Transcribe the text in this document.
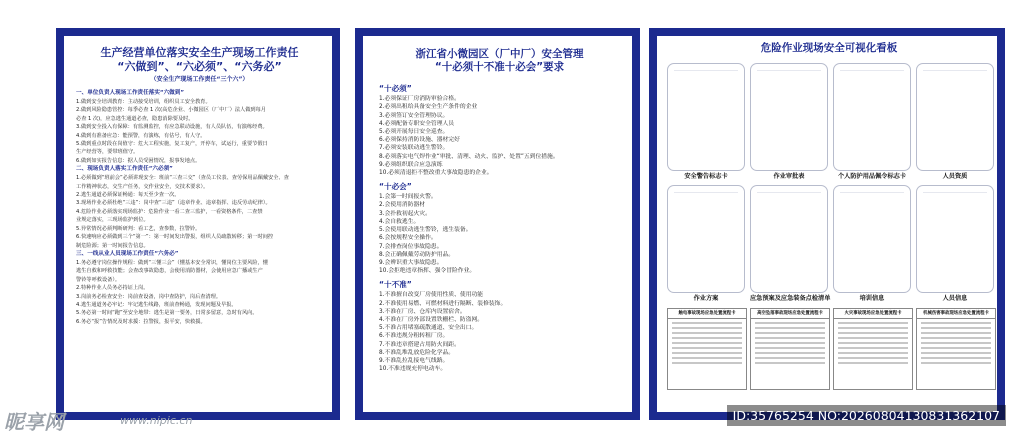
生产经营单位落实安全生产现场工作责任
“六做到”、“六必须”、“六务必”
（安全生产现场工作责任“三个六”）
一、单位负责人现场工作责任落实“六做到”
1.做到安全培训教育：主动接受培训，组织员工安全教育。
2.做到风险隐患管控：每季必查 1 次(高危企业、小微园区（厂中厂）法人做到每月
必查 1 次)，应急逃生通道必查，隐患消除要及时。
3.做到安全投入有保障：有监测监控，有应急联动设施，有人员队伍，有演练经费。
4.做到有准备应急：能预警，有演练，有估号，有人守。
5.做到重点时段在岗值守：危大工程实施，复工复产，开停车，试运行，重要节假日
生产经营等，要带班值守。
6.做到如实报告信息：据人员受困情况，报事发地点。
二、现场负责人落实工作责任“六必须”
1.必须做到“班前会”必须讲现安全：班前“三查三交”（查员工仪表、查劳保用品佩戴安全、查
工作精神状态，交生产任务，交作业安全，交技术要求）。
2.逃生通道必须保证畅通：每天至少查一次。
3.现场作业必须杜绝“三违”：岗中查“三违”（违章作业、违章指挥、违反劳动纪律）。
4.危险作业必须落实现场监护：危险作业一看二查三监护，一看资格条件，二查禁
业规定落实，三现场监护到位。
5.异常情况必须判断研判：看工艺，查参数，拉警铃。
6.快速响应必须做到三个“第一”：第一时间发出警报，组织人员疏散转移；第一时间控
制危险源；第一时间报告信息。
三、一线从业人员现场工作责任“六务必”
1.务必遵守岗位操作规程：做到“三懂三会”（懂基本安全常识，懂岗位主要风险，懂
逃生自救和呼救技能；会查改事故隐患，会使用消防器材，会使用应急广播或生产
警铃等呼救设备）。
2.特种作业人员务必持证上岗。
3.岗前务必检查安全：岗前查设备，岗中查防护，岗后查清理。
4.逃生通道务必牢记：牢记逃生线路，班前查畅通，发现问题及早报。
5.务必第一时间“跑”至安全地带：逃生是第一要务，日常多留意，急时有风向。
6.务必“报”告情况及时求援：拉警报，报平安，快救援。
浙江省小微园区（厂中厂）安全管理
“十必须十不准十必会”要求
“十必须”
1.必须保证厂房消防审验合格。
2.必须出租给具备安全生产条件的企业
3.必须签订安全管理协议。
4.必须配备专职安全管理人员
5.必须开展每日安全巡查。
6.必须保持消防设施、器材完好
7.必须安装联动逃生警铃。
8.必须落实电气焊作业“审批、清理、动火、监护、处置”五到位措施。
9.必须组织联合应急演练
10.必须清退拒不整改重大事故隐患的企业。
“十必会”
1.会第一时间报火警。
2.会使用消防器材
3.会扑救初起火灾。
4.会自救逃生。
5.会使用联动逃生警铃，逃生装备。
6.会按规程安全操作。
7.会排查岗位事故隐患。
8.会正确佩戴劳动防护用品。
9.会辨识重大事故隐患。
10.会拒绝违章指挥、强令冒险作业。
“十不准”
1.不准擅自改变厂房使用性质、使用功能
2.不准使用易燃、可燃材料进行隔断、装修装饰。
3.不准在厂房、仓库内设置宿舍。
4.不准在厂房外部设置铁栅栏、防盗网。
5.不准占用堵塞疏散通道、安全出口。
6.不准违规分租转租厂房。
7.不准违章搭建占用防火间距。
8.不准乱堆乱放危险化学品。
9.不准乱拉乱接电气线路。
10.不准违规充停电动车。
危险作业现场安全可视化看板
安全警告标志卡	作业审批表	个人防护用品佩令标志卡	人员资质
作业方案	应急预案及应急装备点检清单	培训信息	人员信息
触电事故现场应急处置流程卡	高空坠落事故现场应急处置流程卡	火灾事故现场应急处置流程卡	机械伤害事故现场应急处置流程卡
昵享网	www.nipic.cn	ID:35765254 NO:20260804130831362107
